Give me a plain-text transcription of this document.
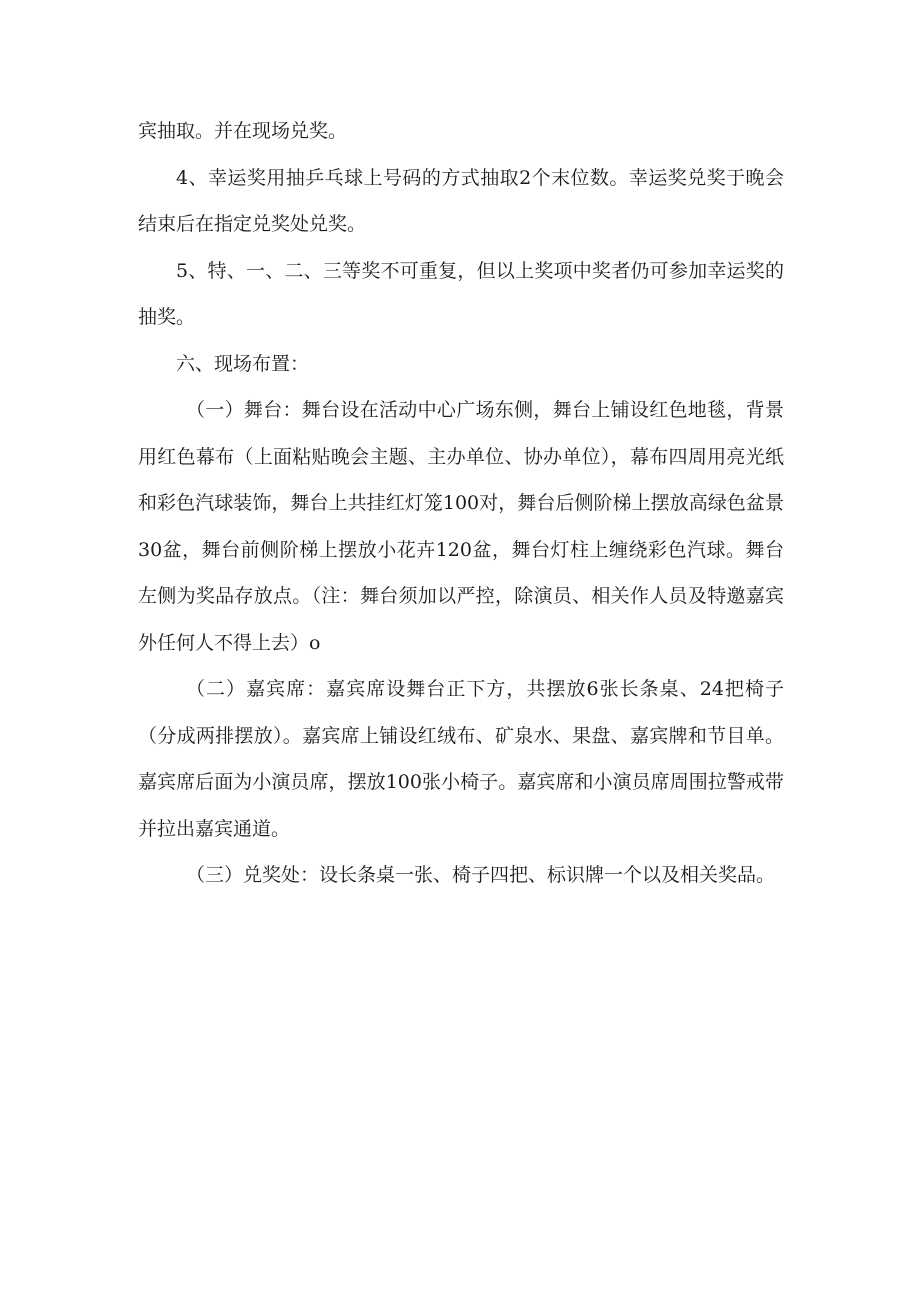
宾抽取。并在现场兑奖。

4、幸运奖用抽乒乓球上号码的方式抽取2个末位数。幸运奖兑奖于晚会结束后在指定兑奖处兑奖。

5、特、一、二、三等奖不可重复，但以上奖项中奖者仍可参加幸运奖的抽奖。

六、现场布置：

（一）舞台：舞台设在活动中心广场东侧，舞台上铺设红色地毯，背景用红色幕布（上面粘贴晚会主题、主办单位、协办单位），幕布四周用亮光纸和彩色汽球装饰，舞台上共挂红灯笼100对，舞台后侧阶梯上摆放高绿色盆景30盆，舞台前侧阶梯上摆放小花卉120盆，舞台灯柱上缠绕彩色汽球。舞台左侧为奖品存放点。（注：舞台须加以严控，除演员、相关作人员及特邀嘉宾外任何人不得上去）o

（二）嘉宾席：嘉宾席设舞台正下方，共摆放6张长条桌、24把椅子（分成两排摆放）。嘉宾席上铺设红绒布、矿泉水、果盘、嘉宾牌和节目单。嘉宾席后面为小演员席，摆放100张小椅子。嘉宾席和小演员席周围拉警戒带并拉出嘉宾通道。

（三）兑奖处：设长条桌一张、椅子四把、标识牌一个以及相关奖品。
